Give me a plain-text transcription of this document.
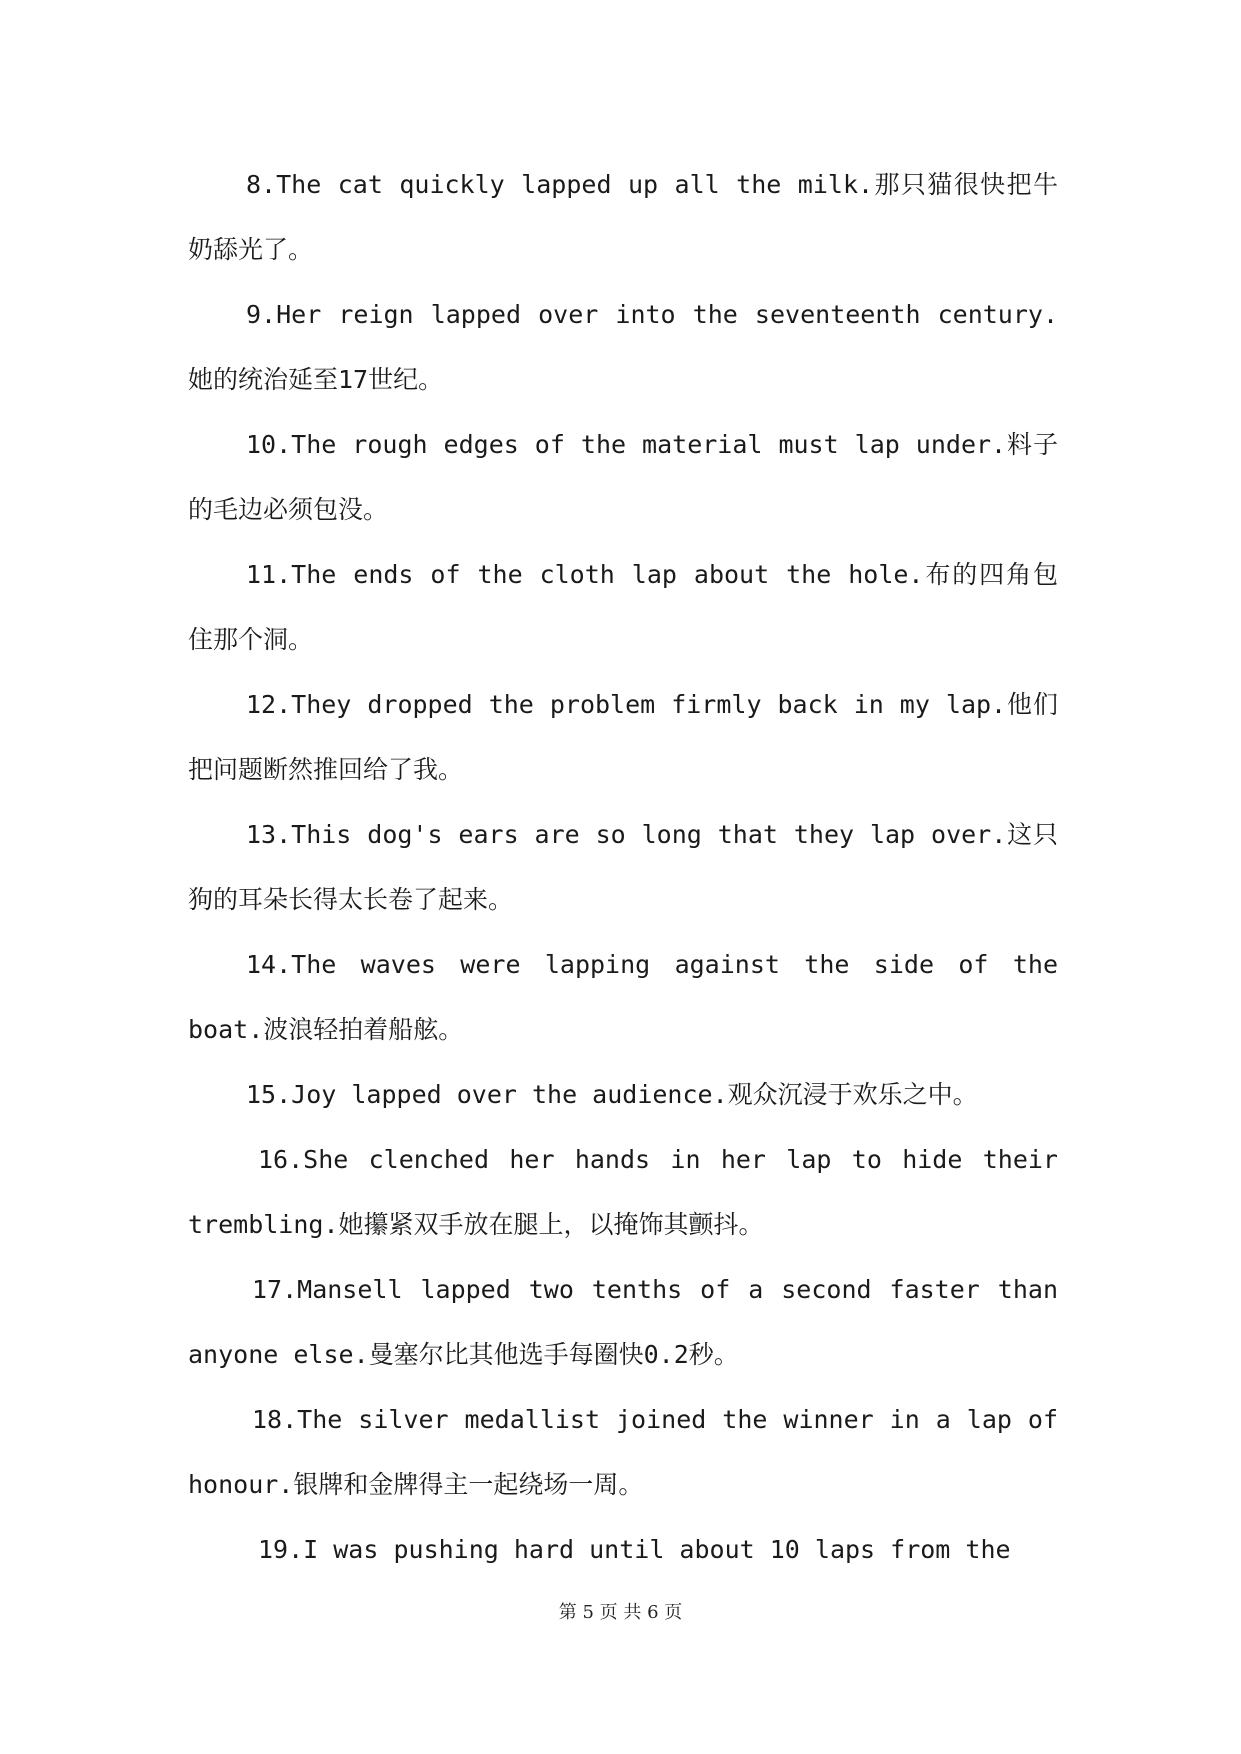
8.The cat quickly lapped up all the milk.那只猫很快把牛奶舔光了。

9.Her reign lapped over into the seventeenth century.她的统治延至17世纪。

10.The rough edges of the material must lap under.料子的毛边必须包没。

11.The ends of the cloth lap about the hole.布的四角包住那个洞。

12.They dropped the problem firmly back in my lap.他们把问题断然推回给了我。

13.This dog's ears are so long that they lap over.这只狗的耳朵长得太长卷了起来。

14.The waves were lapping against the side of the boat.波浪轻拍着船舷。

15.Joy lapped over the audience.观众沉浸于欢乐之中。

16.She clenched her hands in her lap to hide their trembling.她攥紧双手放在腿上，以掩饰其颤抖。

17.Mansell lapped two tenths of a second faster than anyone else.曼塞尔比其他选手每圈快0.2秒。

18.The silver medallist joined the winner in a lap of honour.银牌和金牌得主一起绕场一周。

19.I was pushing hard until about 10 laps from the

第 5 页 共 6 页
